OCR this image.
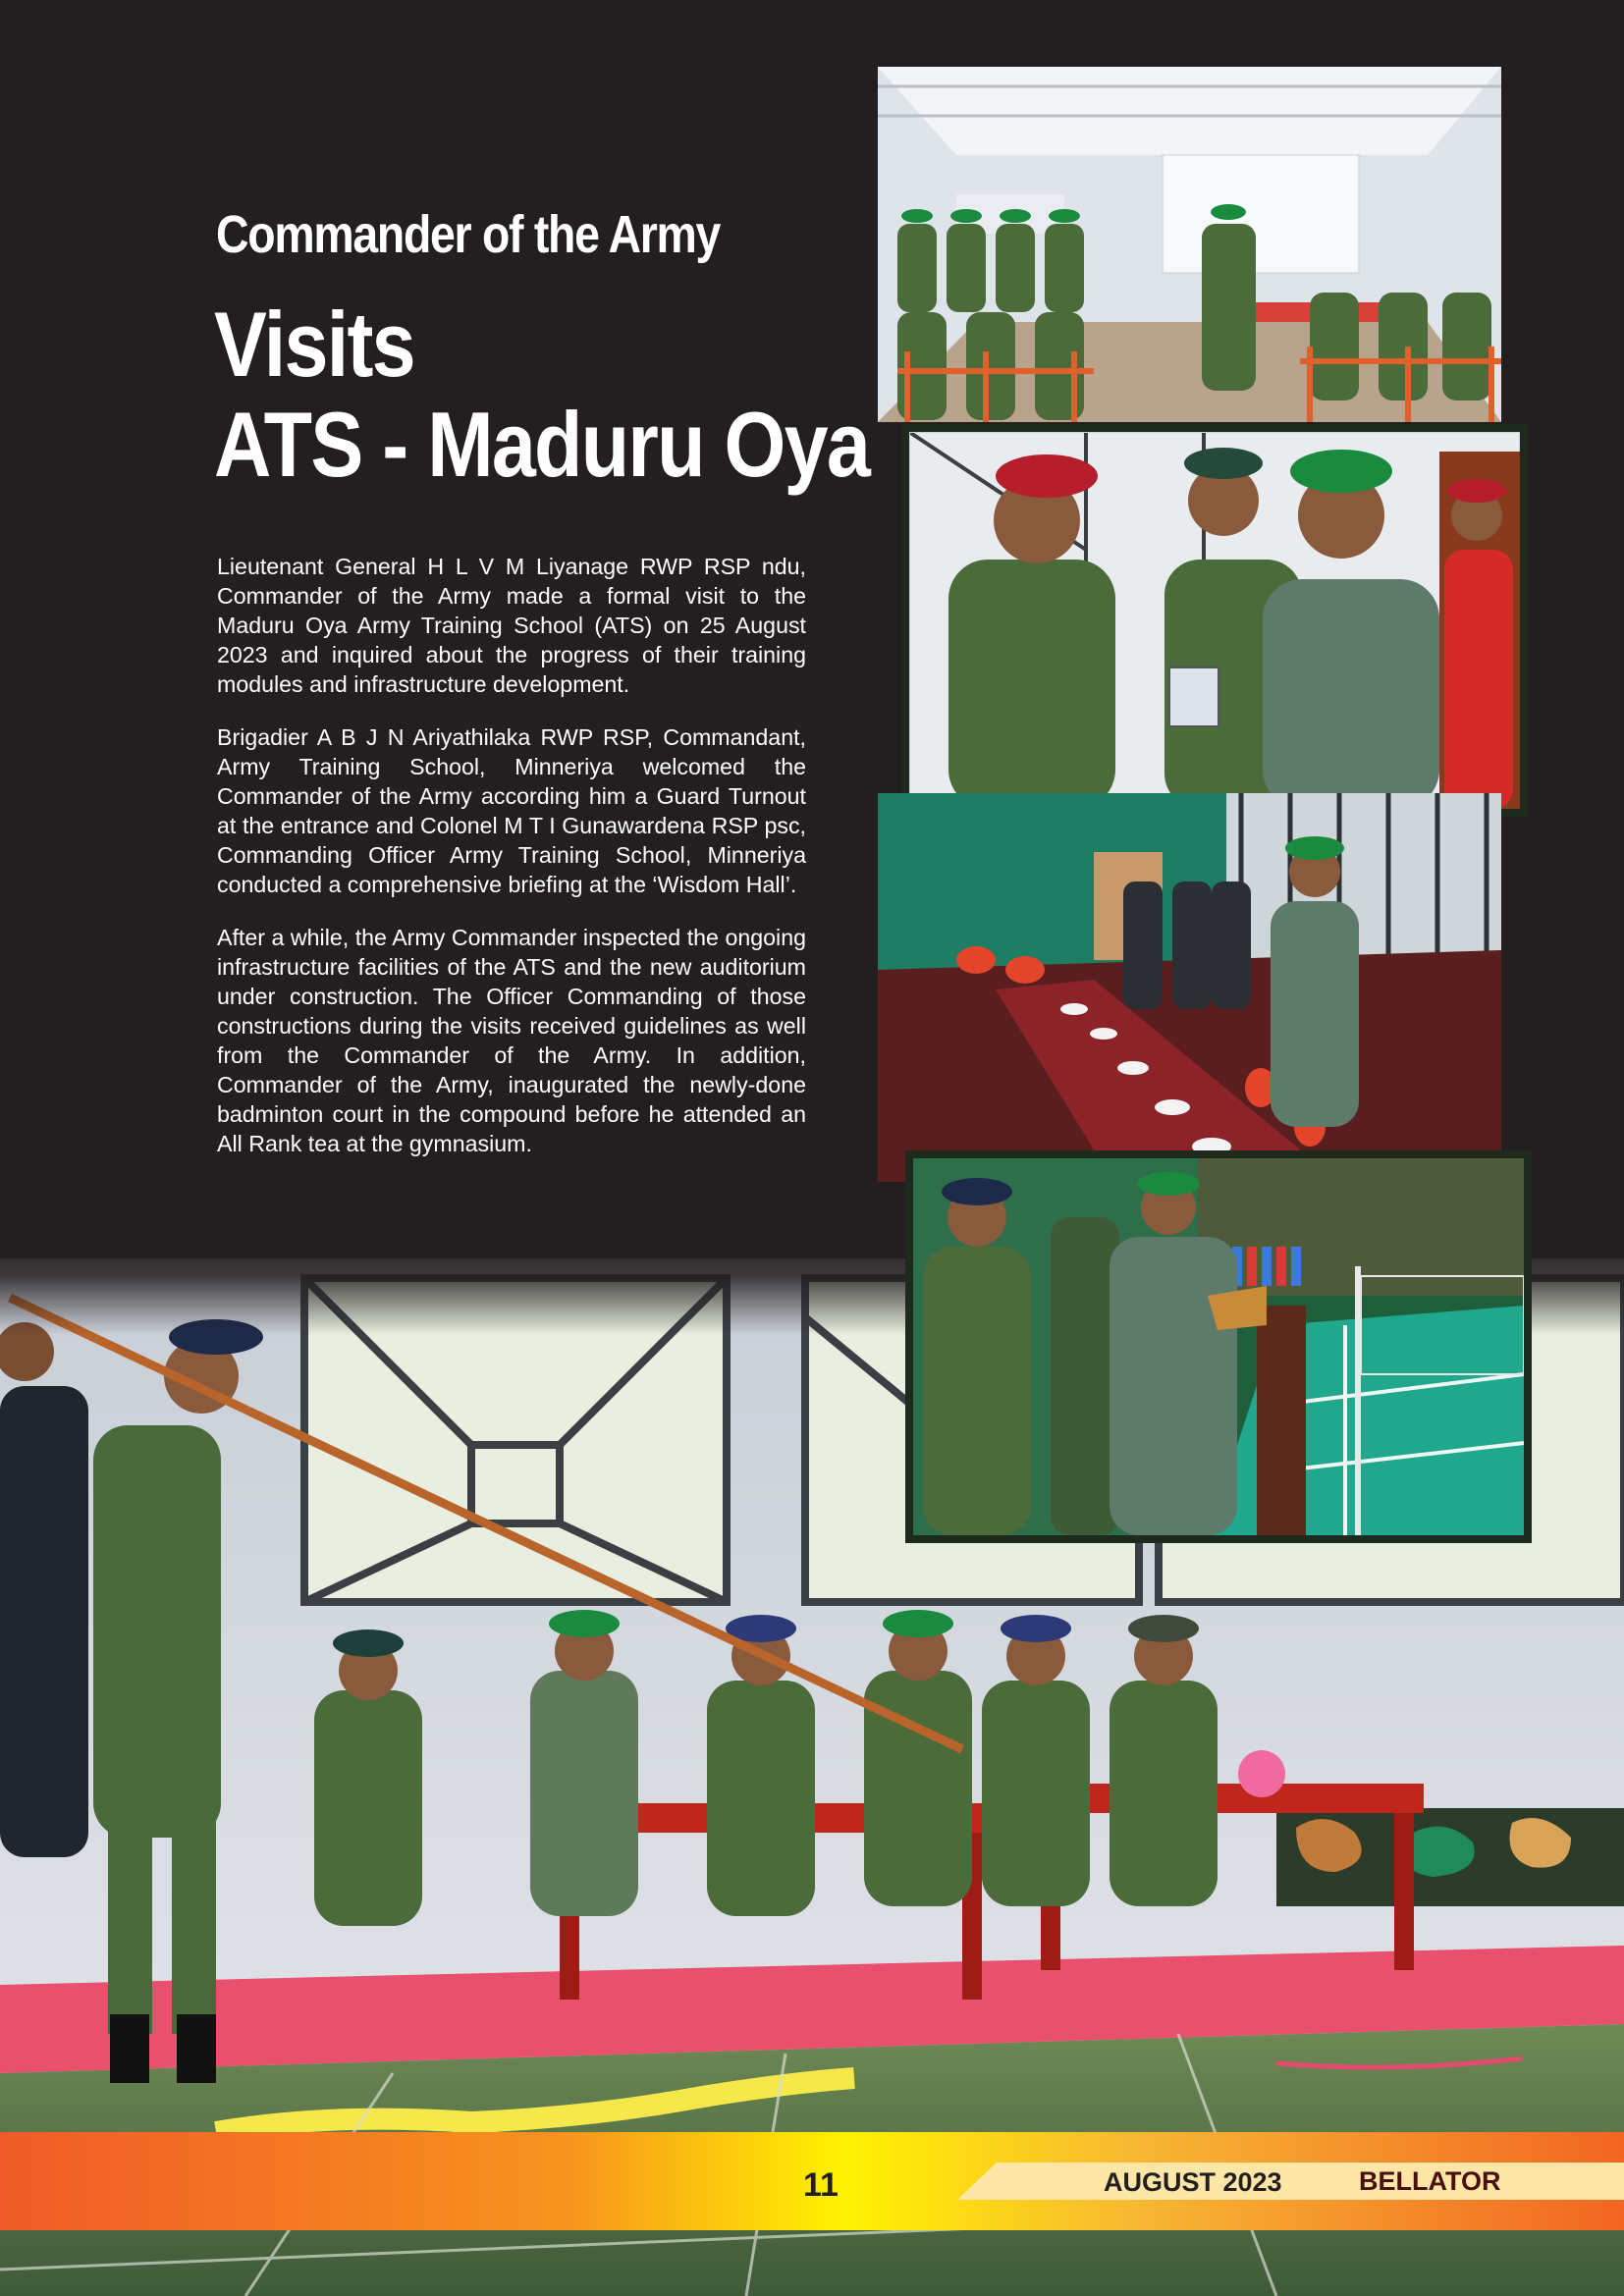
Commander of the Army
Visits
ATS - Maduru Oya

Lieutenant General H L V M Liyanage RWP RSP ndu, Commander of the Army made a formal visit to the Maduru Oya Army Training School (ATS) on 25 August 2023 and inquired about the progress of their training modules and infrastructure development.

Brigadier A B J N Ariyathilaka RWP RSP, Commandant, Army Training School, Minneriya welcomed the Commander of the Army according him a Guard Turnout at the entrance and Colonel M T I Gunawardena RSP psc, Commanding Officer Army Training School, Minneriya conducted a comprehensive briefing at the ‘Wisdom Hall’.

After a while, the Army Commander inspected the ongoing infrastructure facilities of the ATS and the new auditorium under construction. The Officer Commanding of those constructions during the visits received guidelines as well from the Commander of the Army. In addition, Commander of the Army, inaugurated the newly-done badminton court in the compound before he attended an All Rank tea at the gymnasium.

11	AUGUST 2023	BELLATOR
